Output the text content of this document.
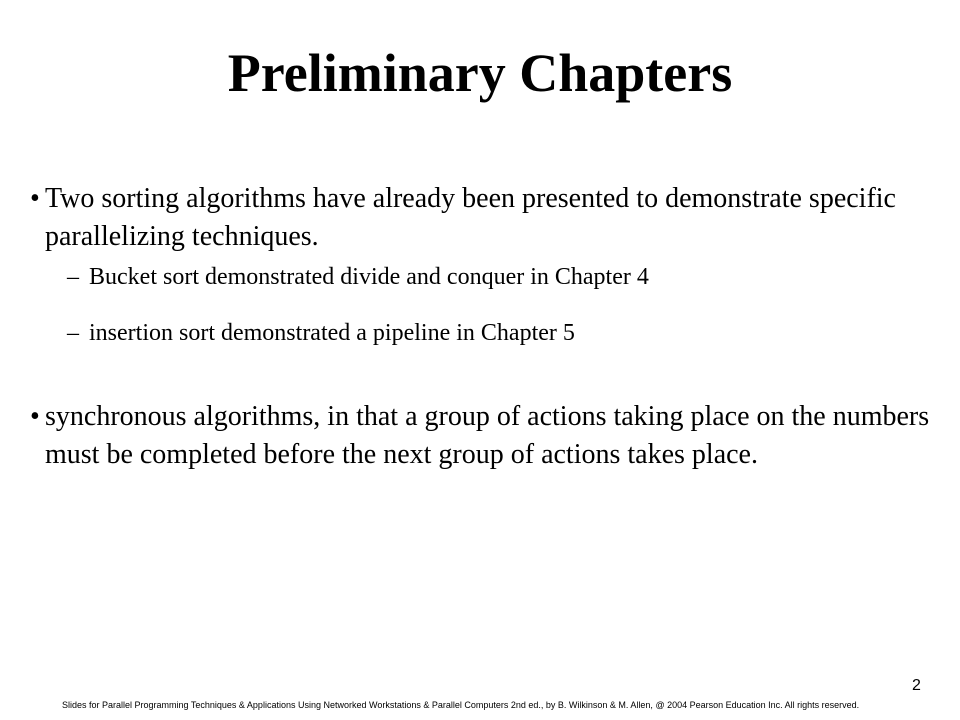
Preliminary Chapters
• Two sorting algorithms have already been presented to demonstrate specific parallelizing techniques.

– Bucket sort demonstrated divide and conquer in Chapter 4

– insertion sort demonstrated a pipeline in Chapter 5

• synchronous algorithms, in that a group of actions taking place on the numbers must be completed before the next group of actions takes place.

Slides for Parallel Programming Techniques & Applications Using Networked Workstations & Parallel Computers 2nd ed., by B. Wilkinson & M. Allen, @ 2004 Pearson Education Inc. All rights reserved.
2
